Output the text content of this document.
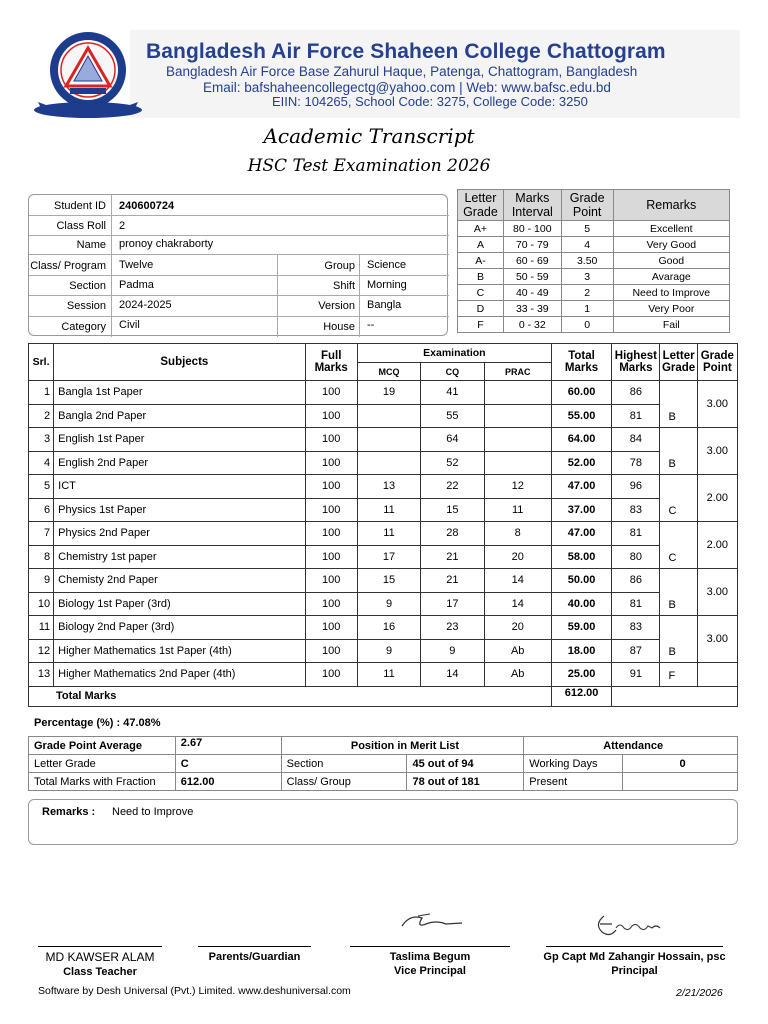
Bangladesh Air Force Shaheen College Chattogram
Bangladesh Air Force Base Zahurul Haque, Patenga, Chattogram, Bangladesh
Email: bafshaheencollegectg@yahoo.com | Web: www.bafsc.edu.bd
EIIN: 104265, School Code: 3275, College Code: 3250
Academic Transcript
HSC Test Examination 2026
Student ID 240600724
Class Roll 2
Name pronoy chakraborty
Class/ Program Twelve	Group Science
Section Padma	Shift Morning
Session 2024-2025	Version Bangla
Category Civil	House --
Letter Grade	Marks Interval	Grade Point	Remarks
A+	80 - 100	5	Excellent
A	70 - 79	4	Very Good
A-	60 - 69	3.50	Good
B	50 - 59	3	Avarage
C	40 - 49	2	Need to Improve
D	33 - 39	1	Very Poor
F	0 - 32	0	Fail
Srl.	Subjects	Full Marks	Examination			Total Marks	Highest Marks	Letter Grade	Grade Point
			MCQ	CQ	PRAC				
1	Bangla 1st Paper	100	19	41		60.00	86	B	3.00
2	Bangla 2nd Paper	100		55		55.00	81		
3	English 1st Paper	100		64		64.00	84	B	3.00
4	English 2nd Paper	100		52		52.00	78		
5	ICT	100	13	22	12	47.00	96	C	2.00
6	Physics 1st Paper	100	11	15	11	37.00	83		
7	Physics 2nd Paper	100	11	28	8	47.00	81	C	2.00
8	Chemistry 1st paper	100	17	21	20	58.00	80		
9	Chemisty 2nd Paper	100	15	21	14	50.00	86	B	3.00
10	Biology 1st Paper (3rd)	100	9	17	14	40.00	81		
11	Biology 2nd Paper (3rd)	100	16	23	20	59.00	83	B	3.00
12	Higher Mathematics 1st Paper (4th)	100	9	9	Ab	18.00	87		
13	Higher Mathematics 2nd Paper (4th)	100	11	14	Ab	25.00	91	F	
Total Marks						612.00			
Percentage (%) : 47.08%
Grade Point Average	2.67	Position in Merit List		Attendance	
Letter Grade	C	Section	45 out of 94	Working Days	0
Total Marks with Fraction	612.00	Class/ Group	78 out of 181	Present	
Remarks : Need to Improve
MD KAWSER ALAM
Class Teacher
Parents/Guardian	Taslima Begum
Vice Principal
Gp Capt Md Zahangir Hossain, psc
Principal
Software by Desh Universal (Pvt.) Limited. www.deshuniversal.com	2/21/2026
